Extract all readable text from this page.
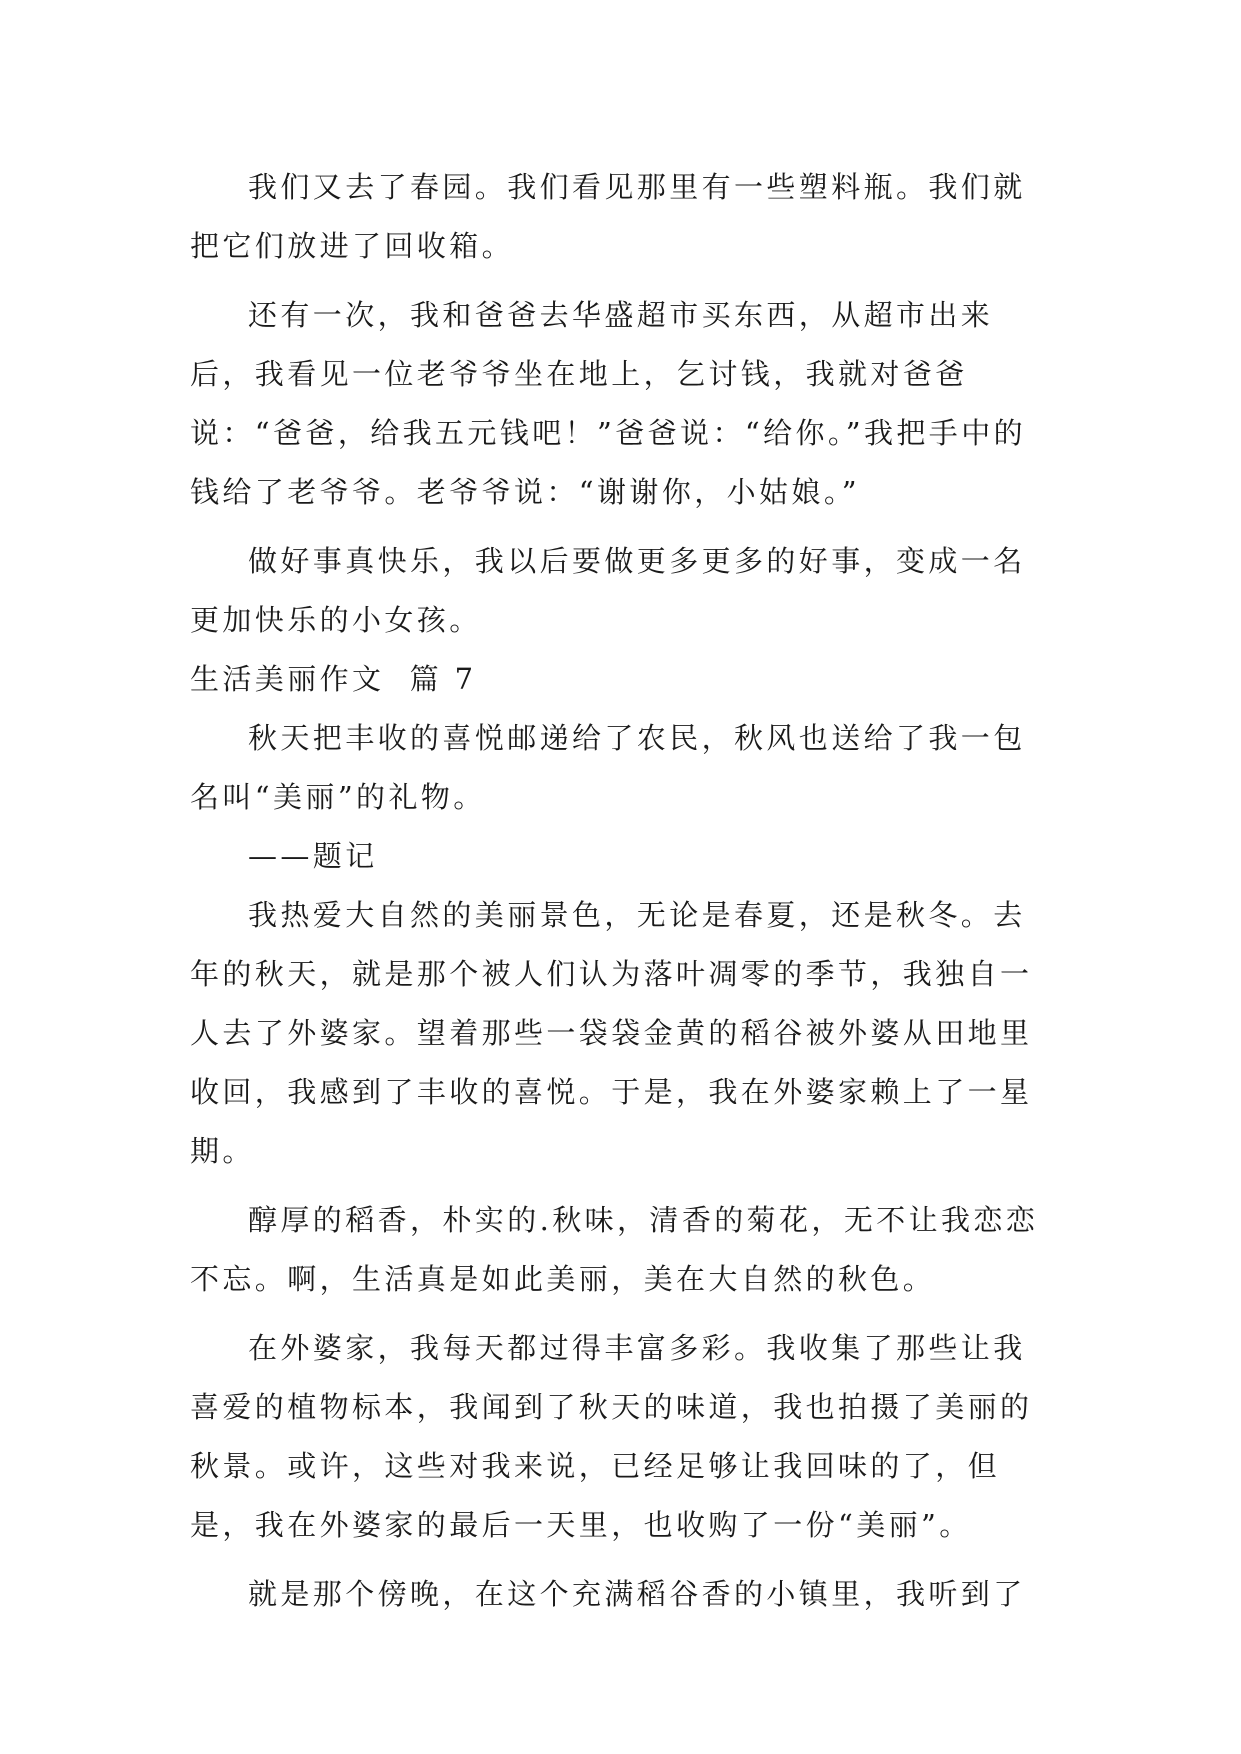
我们又去了春园。我们看见那里有一些塑料瓶。我们就把它们放进了回收箱。

还有一次，我和爸爸去华盛超市买东西，从超市出来后，我看见一位老爷爷坐在地上，乞讨钱，我就对爸爸说：“爸爸，给我五元钱吧！”爸爸说：“给你。”我把手中的钱给了老爷爷。老爷爷说：“谢谢你，小姑娘。”

做好事真快乐，我以后要做更多更多的好事，变成一名更加快乐的小女孩。

生活美丽作文  篇 7

秋天把丰收的喜悦邮递给了农民，秋风也送给了我一包名叫“美丽”的礼物。

——题记

我热爱大自然的美丽景色，无论是春夏，还是秋冬。去年的秋天，就是那个被人们认为落叶凋零的季节，我独自一人去了外婆家。望着那些一袋袋金黄的稻谷被外婆从田地里收回，我感到了丰收的喜悦。于是，我在外婆家赖上了一星期。

醇厚的稻香，朴实的.秋味，清香的菊花，无不让我恋恋不忘。啊，生活真是如此美丽，美在大自然的秋色。

在外婆家，我每天都过得丰富多彩。我收集了那些让我喜爱的植物标本，我闻到了秋天的味道，我也拍摄了美丽的秋景。或许，这些对我来说，已经足够让我回味的了，但是，我在外婆家的最后一天里，也收购了一份“美丽”。

就是那个傍晚，在这个充满稻谷香的小镇里，我听到了
